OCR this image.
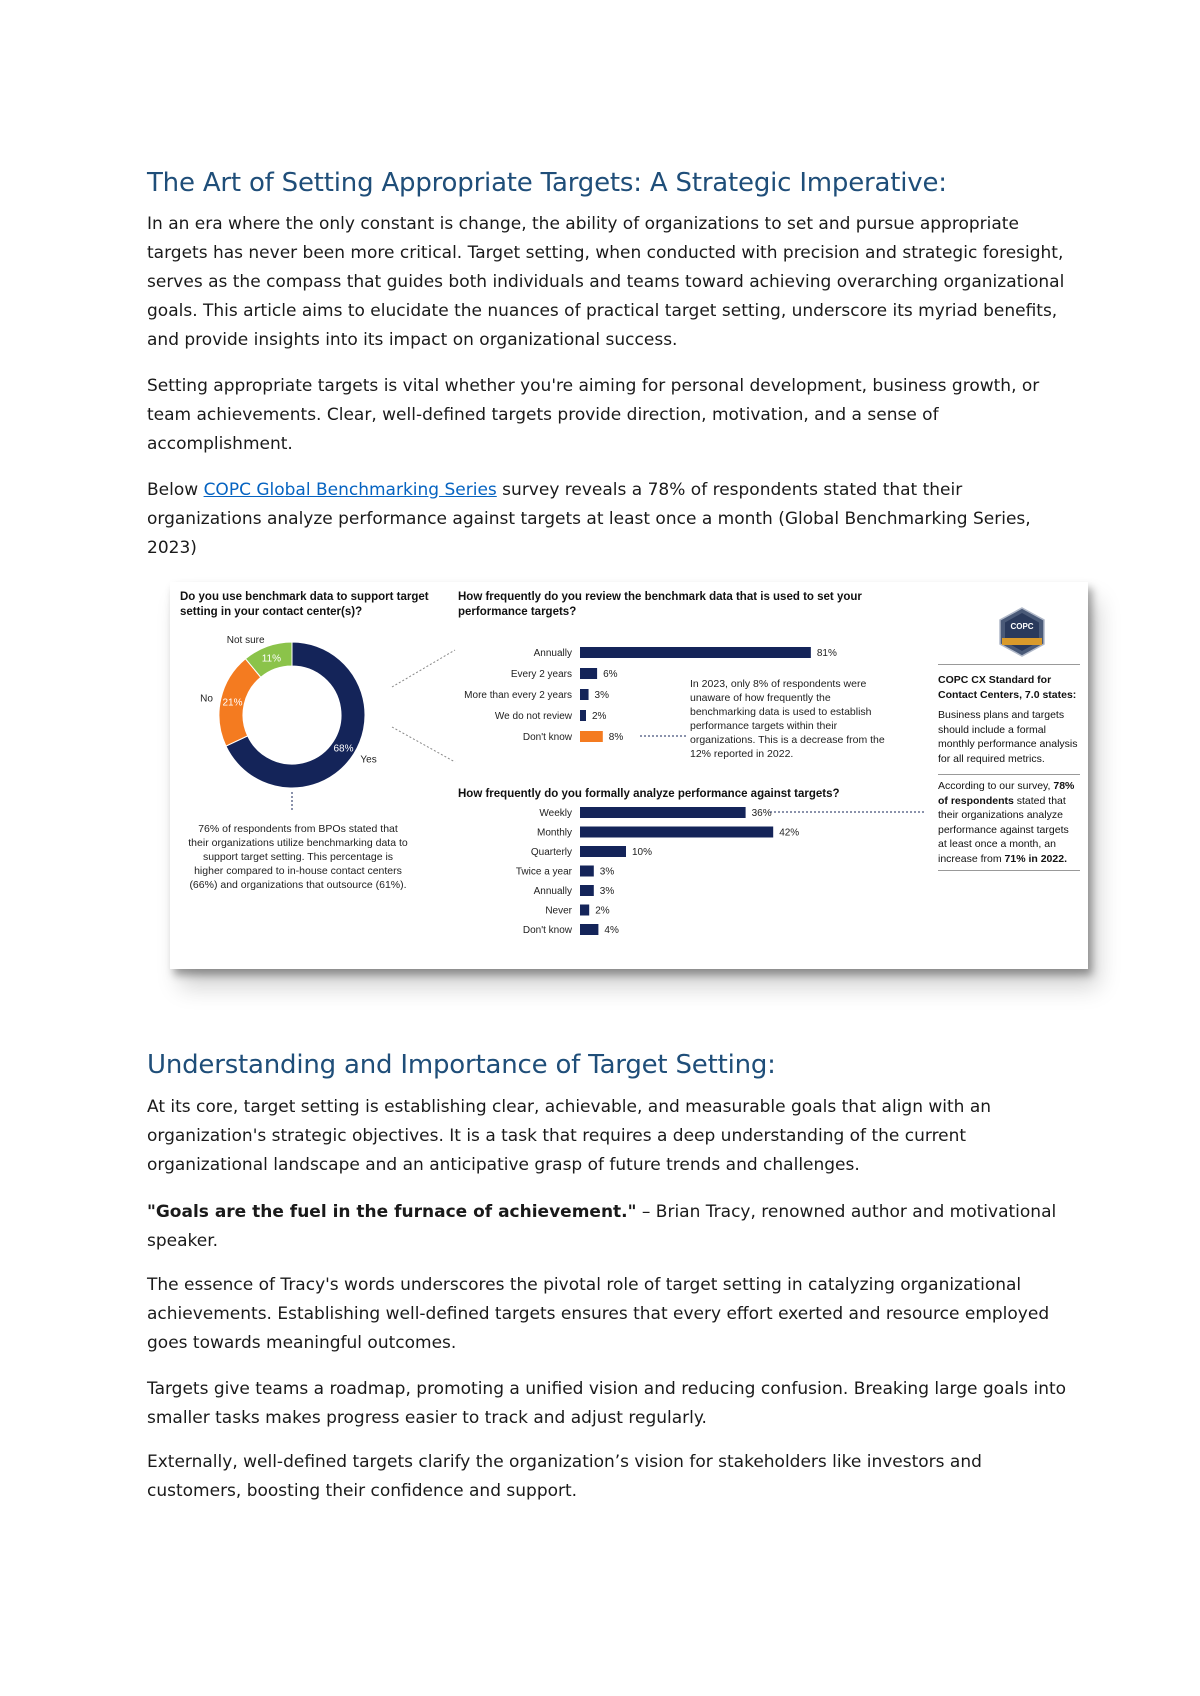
The Art of Setting Appropriate Targets: A Strategic Imperative:

In an era where the only constant is change, the ability of organizations to set and pursue appropriate targets has never been more critical. Target setting, when conducted with precision and strategic foresight, serves as the compass that guides both individuals and teams toward achieving overarching organizational goals. This article aims to elucidate the nuances of practical target setting, underscore its myriad benefits, and provide insights into its impact on organizational success.

Setting appropriate targets is vital whether you're aiming for personal development, business growth, or team achievements. Clear, well-defined targets provide direction, motivation, and a sense of accomplishment.

Below COPC Global Benchmarking Series survey reveals a 78% of respondents stated that their organizations analyze performance against targets at least once a month (Global Benchmarking Series, 2023)

68%
Yes
21%
No
11%
Not sure
Annually	81%
Every 2 years	6%
More than every 2 years 3%
We do not review 2%
Don't know	8%
Weekly	36%
Monthly	42%
Quarterly	10%
Twice a year	3%
Annually	3%
Never 2%
Don't know	4%
Do you use benchmark data to support target setting in your contact center(s)?
How frequently do you review the benchmark data that is used to set your performance targets?
How frequently do you formally analyze performance against targets?
76% of respondents from BPOs stated that their organizations utilize benchmarking data to support target setting. This percentage is higher compared to in-house contact centers (66%) and organizations that outsource (61%).
In 2023, only 8% of respondents were unaware of how frequently the benchmarking data is used to establish performance targets within their organizations. This is a decrease from the 12% reported in 2022.
COPC
COPC CX Standard for Contact Centers, 7.0 states:
Business plans and targets should include a formal monthly performance analysis for all required metrics.
According to our survey, 78% of respondents stated that their organizations analyze performance against targets at least once a month, an increase from 71% in 2022.
Understanding and Importance of Target Setting:

At its core, target setting is establishing clear, achievable, and measurable goals that align with an organization's strategic objectives. It is a task that requires a deep understanding of the current organizational landscape and an anticipative grasp of future trends and challenges.

"Goals are the fuel in the furnace of achievement." – Brian Tracy, renowned author and motivational speaker.

The essence of Tracy's words underscores the pivotal role of target setting in catalyzing organizational achievements. Establishing well-defined targets ensures that every effort exerted and resource employed goes towards meaningful outcomes.

Targets give teams a roadmap, promoting a unified vision and reducing confusion. Breaking large goals into smaller tasks makes progress easier to track and adjust regularly.

Externally, well-defined targets clarify the organization’s vision for stakeholders like investors and customers, boosting their confidence and support.
